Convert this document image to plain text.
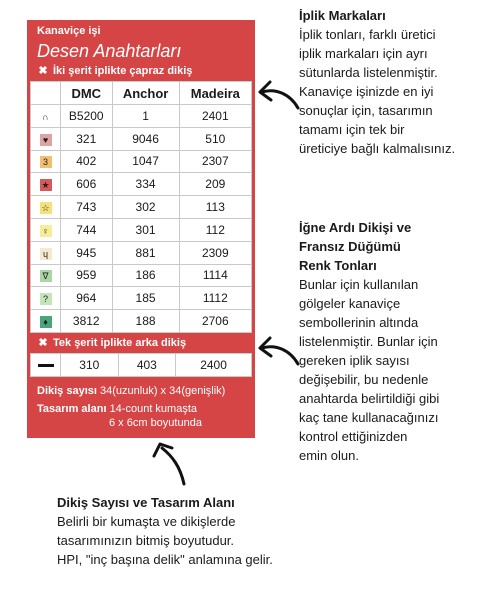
Kanaviçe işi
Desen Anahtarları
✖ İki şerit iplikte çapraz dikiş
	DMC	Anchor	Madeira
∩	B5200	1	2401
♥	321	9046	510
3	402	1047	2307
★	606	334	209
☆	743	302	113
♀	744	301	112
ɥ	945	881	2309
∇	959	186	1114
?	964	185	1112
♦	3812	188	2706
✖ Tek şerit iplikte arka dikiş
	310	403	2400
Dikiş sayısı 34(uzunluk) x 34(genişlik)
Tasarım alanı 14-count kumaşta
6 x 6cm boyutunda
İplik Markaları
İplik tonları, farklı üretici
iplik markaları için ayrı
sütunlarda listelenmiştir.
Kanaviçe işinizde en iyi
sonuçlar için, tasarımın
tamamı için tek bir
üreticiye bağlı kalmalısınız.
İğne Ardı Dikişi ve
Fransız Düğümü
Renk Tonları
Bunlar için kullanılan
gölgeler kanaviçe
sembollerinin altında
listelenmiştir. Bunlar için
gereken iplik sayısı
değişebilir, bu nedenle
anahtarda belirtildiği gibi
kaç tane kullanacağınızı
kontrol ettiğinizden
emin olun.
Dikiş Sayısı ve Tasarım Alanı
Belirli bir kumaşta ve dikişlerde
tasarımınızın bitmiş boyutudur.
HPI, "inç başına delik" anlamına gelir.
